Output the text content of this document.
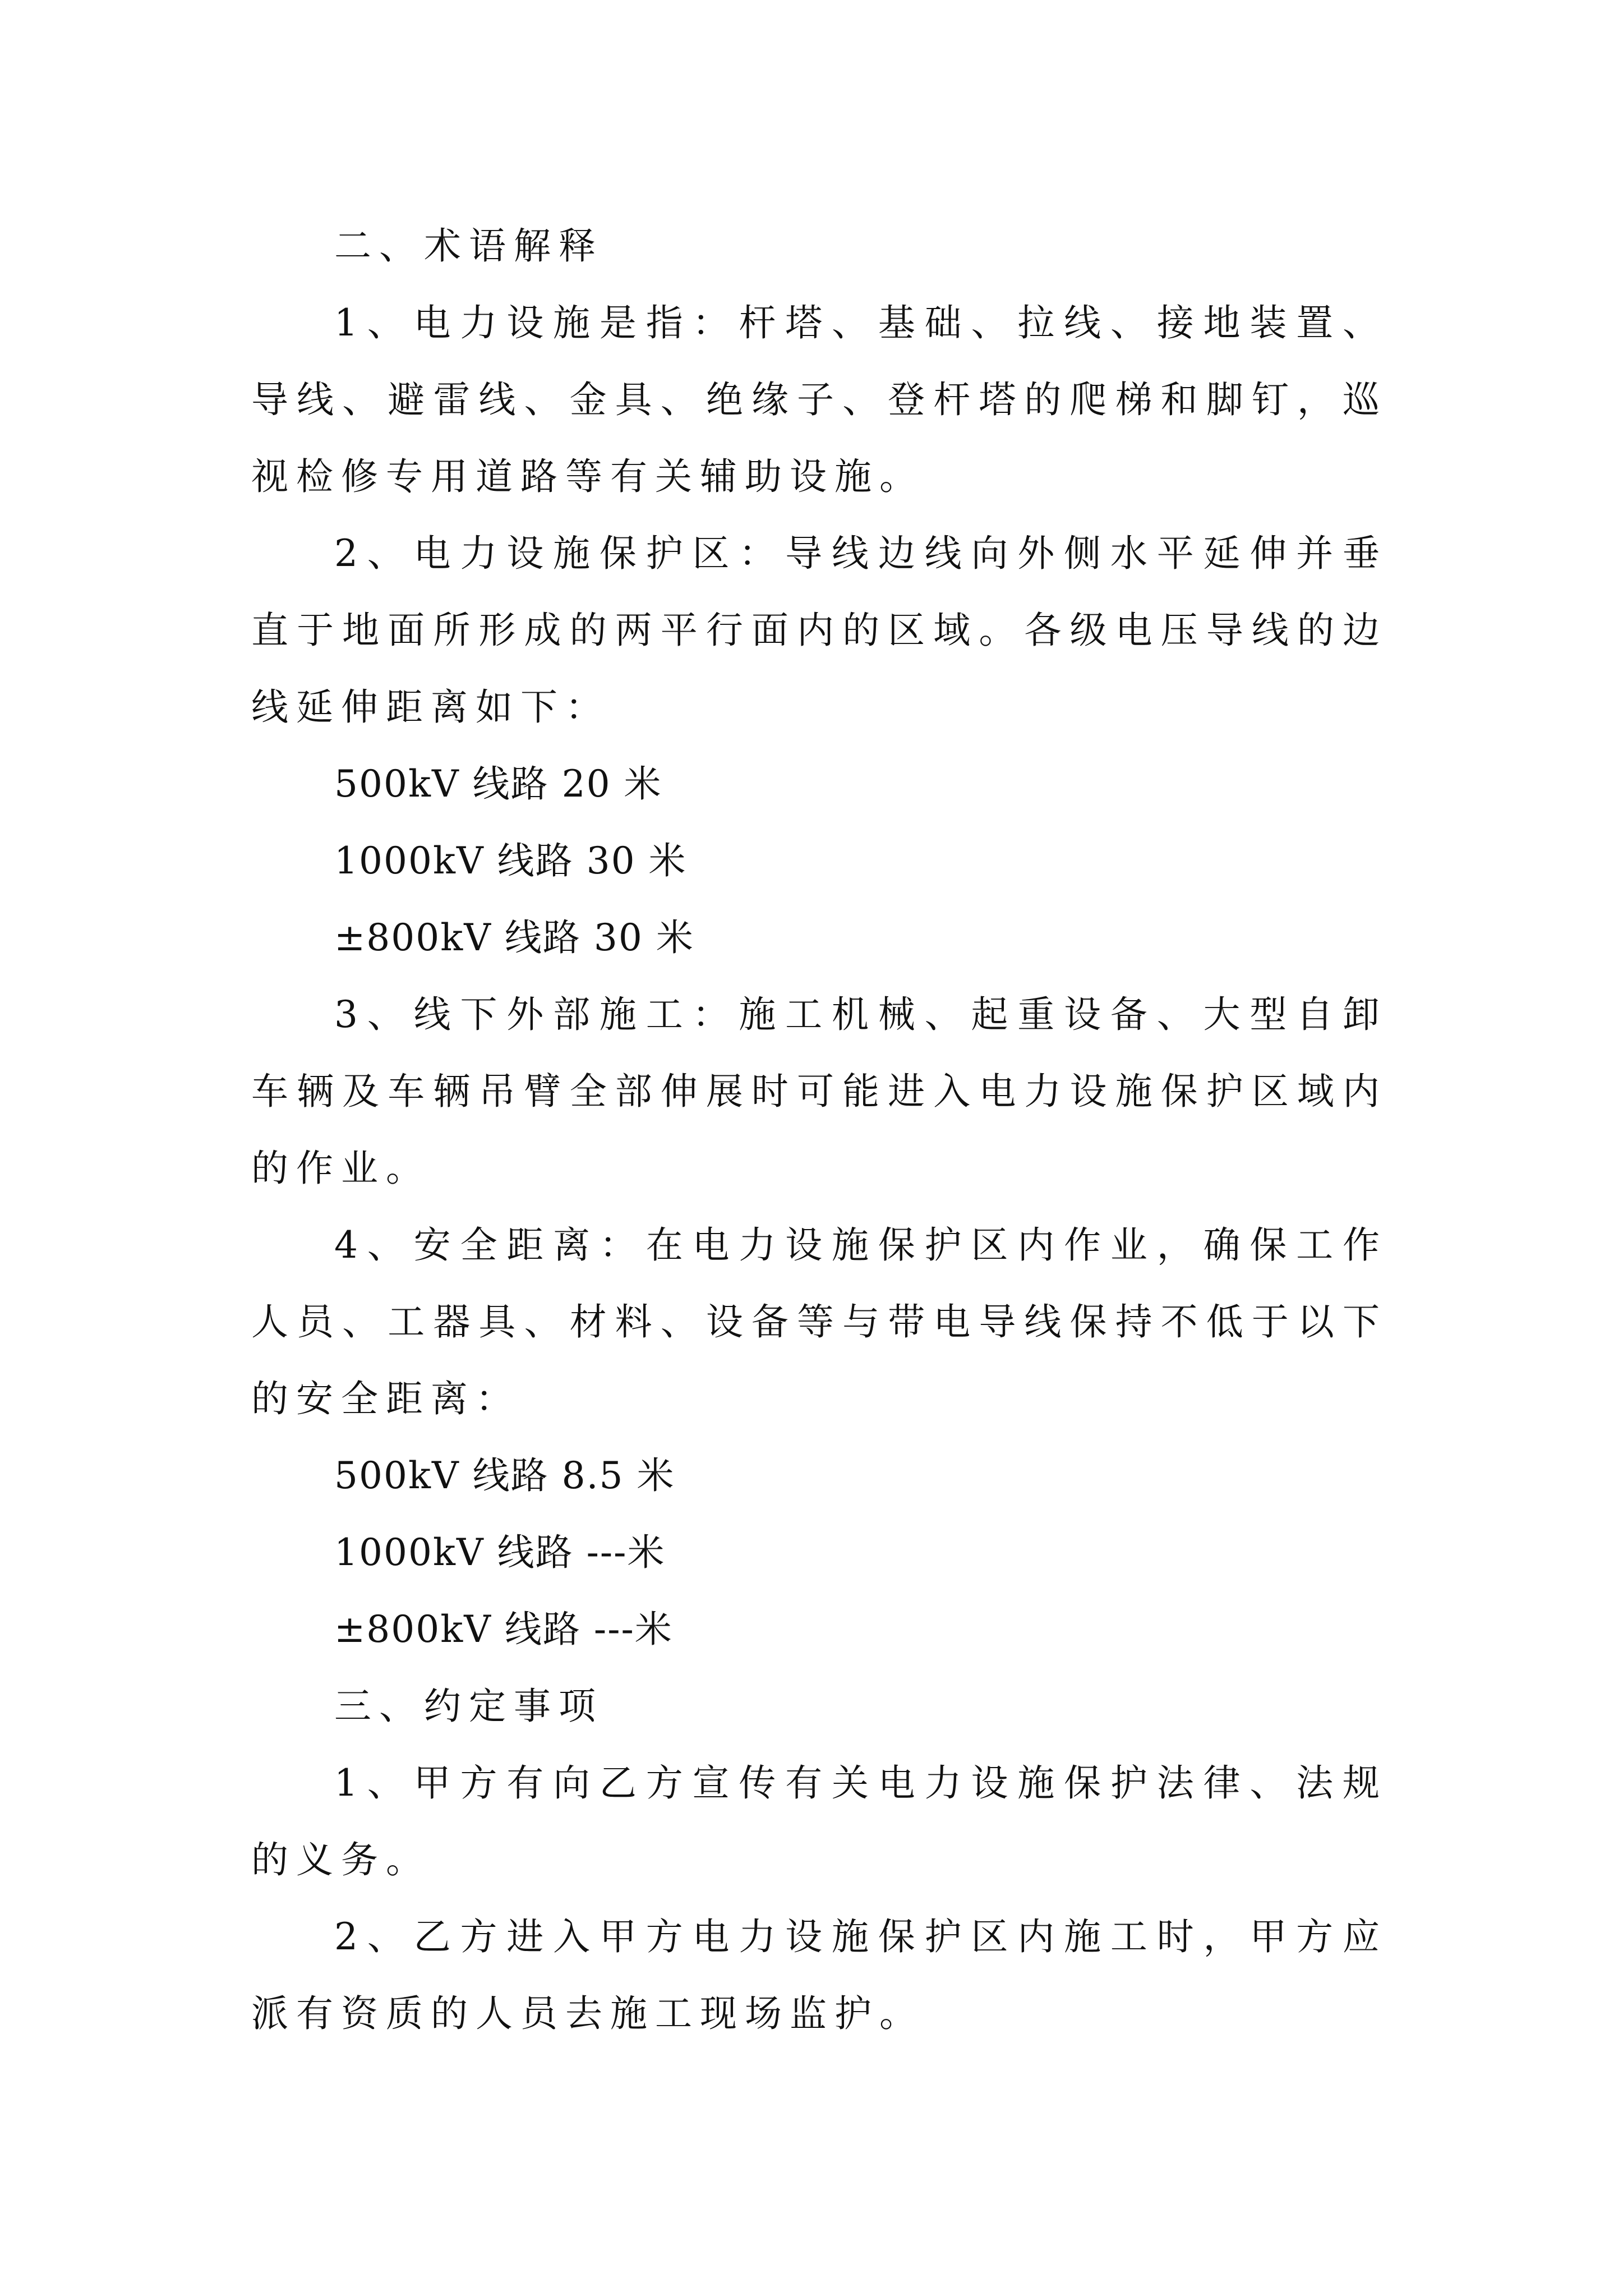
二、术语解释

1、电力设施是指：杆塔、基础、拉线、接地装置、导线、避雷线、金具、绝缘子、登杆塔的爬梯和脚钉，巡视检修专用道路等有关辅助设施。

2、电力设施保护区：导线边线向外侧水平延伸并垂直于地面所形成的两平行面内的区域。各级电压导线的边线延伸距离如下：

500kV 线路 20 米

1000kV 线路 30 米

±800kV 线路 30 米

3、线下外部施工：施工机械、起重设备、大型自卸车辆及车辆吊臂全部伸展时可能进入电力设施保护区域内的作业。

4、安全距离：在电力设施保护区内作业，确保工作人员、工器具、材料、设备等与带电导线保持不低于以下的安全距离：

500kV 线路 8.5 米

1000kV 线路 ---米

±800kV 线路 ---米

三、约定事项

1、甲方有向乙方宣传有关电力设施保护法律、法规的义务。

2、乙方进入甲方电力设施保护区内施工时，甲方应派有资质的人员去施工现场监护。
